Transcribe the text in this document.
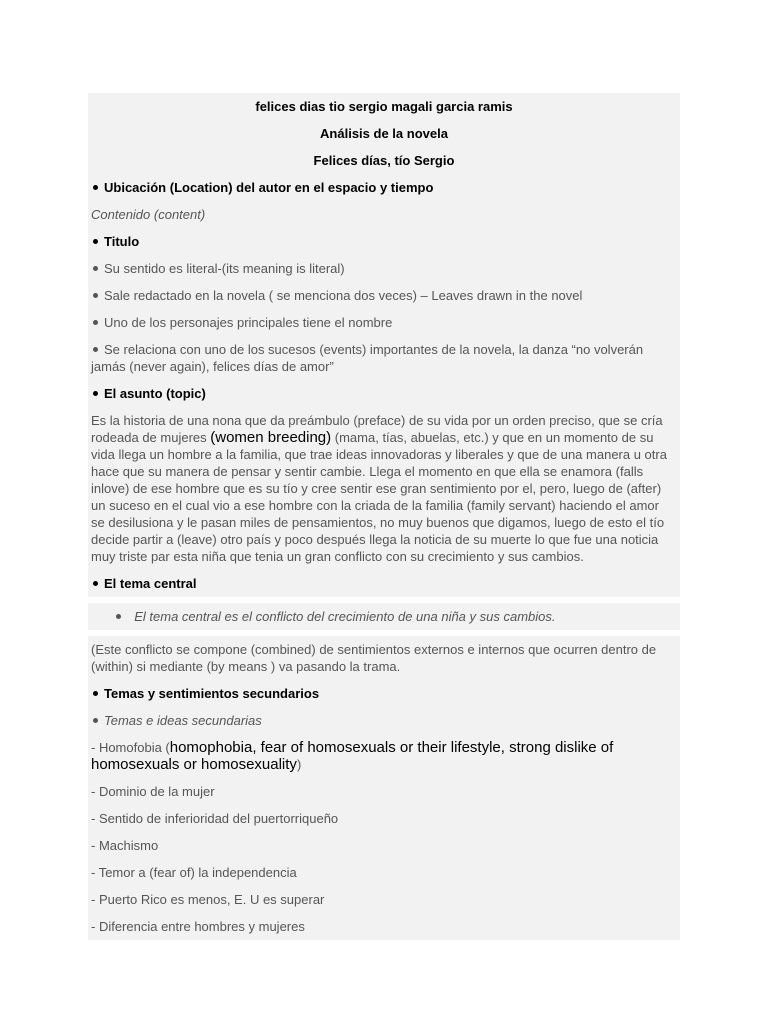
felices dias tio sergio magali garcia ramis
Análisis de la novela
Felices días, tío Sergio
Ubicación (Location) del autor en el espacio y tiempo
Contenido (content)
Titulo
Su sentido es literal-(its meaning is literal)
Sale redactado en la novela ( se menciona dos veces) – Leaves drawn in the novel
Uno de los personajes principales tiene el nombre
Se relaciona con uno de los sucesos (events) importantes de la novela, la danza “no volverán jamás (never again), felices días de amor”
El asunto (topic)
Es la historia de una nona que da preámbulo (preface) de su vida por un orden preciso, que se cría rodeada de mujeres (women breeding) (mama, tías, abuelas, etc.) y que en un momento de su vida llega un hombre a la familia, que trae ideas innovadoras y liberales y que de una manera u otra hace que su manera de pensar y sentir cambie. Llega el momento en que ella se enamora (falls inlove) de ese hombre que es su tío y cree sentir ese gran sentimiento por el, pero, luego de (after) un suceso en el cual vio a ese hombre con la criada de la familia (family servant) haciendo el amor se desilusiona y le pasan miles de pensamientos, no muy buenos que digamos, luego de esto el tío decide partir a (leave) otro país y poco después llega la noticia de su muerte lo que fue una noticia muy triste par esta niña que tenia un gran conflicto con su crecimiento y sus cambios.
El tema central
El tema central es el conflicto del crecimiento de una niña y sus cambios.
(Este conflicto se compone (combined) de sentimientos externos e internos que ocurren dentro de (within) si mediante (by means ) va pasando la trama.
Temas y sentimientos secundarios
Temas e ideas secundarias
- Homofobia (homophobia, fear of homosexuals or their lifestyle, strong dislike of homosexuals or homosexuality)
- Dominio de la mujer
- Sentido de inferioridad del puertorriqueño
- Machismo
- Temor a (fear of) la independencia
- Puerto Rico es menos, E. U es superar
- Diferencia entre hombres y mujeres
